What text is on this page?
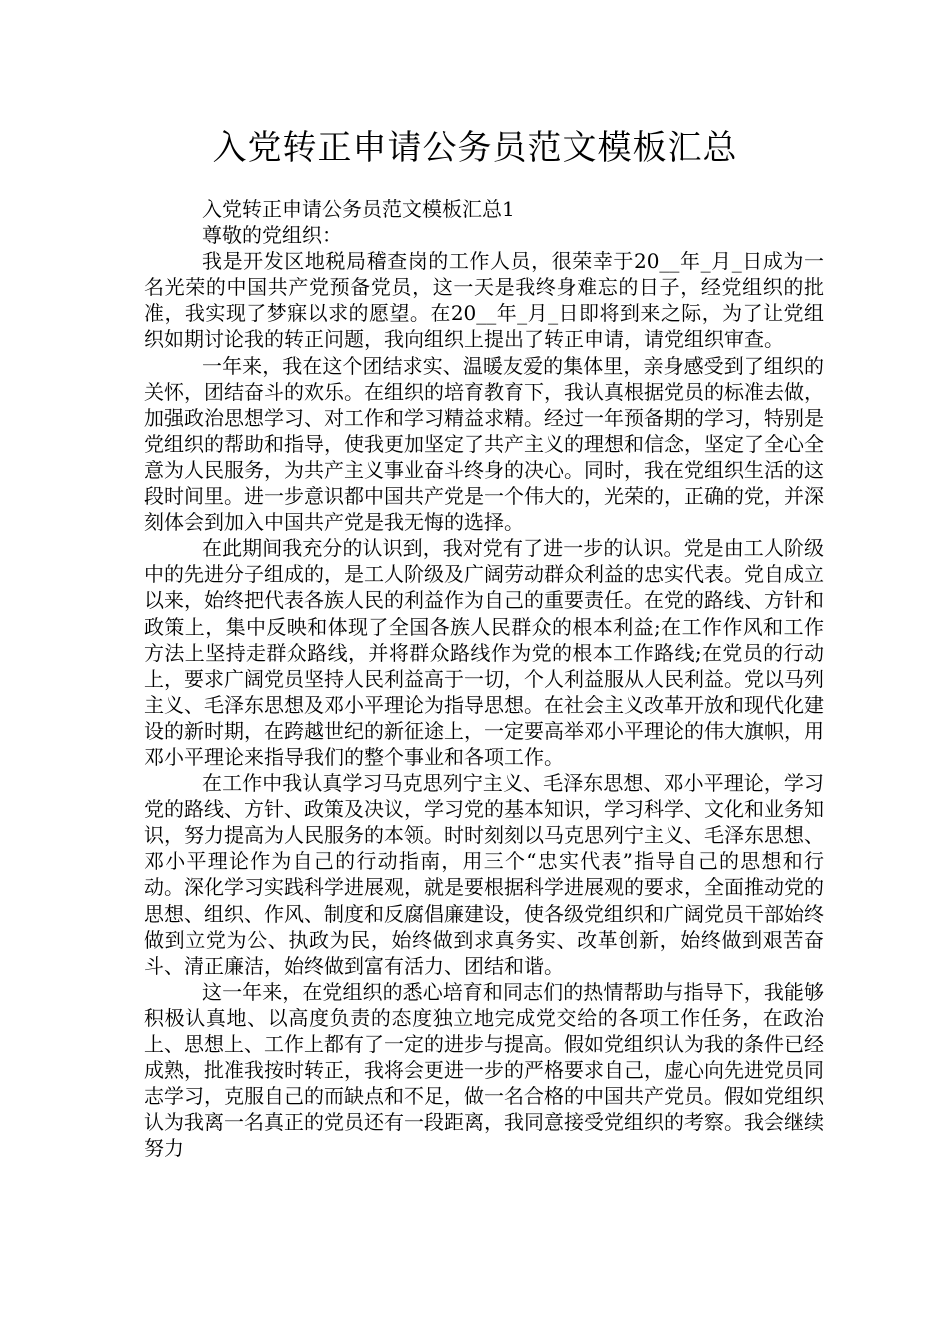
入党转正申请公务员范文模板汇总

入党转正申请公务员范文模板汇总1

尊敬的党组织：

我是开发区地税局稽查岗的工作人员，很荣幸于20__年_月_日成为一名光荣的中国共产党预备党员，这一天是我终身难忘的日子，经党组织的批准，我实现了梦寐以求的愿望。在20__年_月_日即将到来之际，为了让党组织如期讨论我的转正问题，我向组织上提出了转正申请，请党组织审查。

一年来，我在这个团结求实、温暖友爱的集体里，亲身感受到了组织的关怀，团结奋斗的欢乐。在组织的培育教育下，我认真根据党员的标准去做，加强政治思想学习、对工作和学习精益求精。经过一年预备期的学习，特别是党组织的帮助和指导，使我更加坚定了共产主义的理想和信念，坚定了全心全意为人民服务，为共产主义事业奋斗终身的决心。同时，我在党组织生活的这段时间里。进一步意识都中国共产党是一个伟大的，光荣的，正确的党，并深刻体会到加入中国共产党是我无悔的选择。

在此期间我充分的认识到，我对党有了进一步的认识。党是由工人阶级中的先进分子组成的，是工人阶级及广阔劳动群众利益的忠实代表。党自成立以来，始终把代表各族人民的利益作为自己的重要责任。在党的路线、方针和政策上，集中反映和体现了全国各族人民群众的根本利益;在工作作风和工作方法上坚持走群众路线，并将群众路线作为党的根本工作路线;在党员的行动上，要求广阔党员坚持人民利益高于一切，个人利益服从人民利益。党以马列主义、毛泽东思想及邓小平理论为指导思想。在社会主义改革开放和现代化建设的新时期，在跨越世纪的新征途上，一定要高举邓小平理论的伟大旗帜，用邓小平理论来指导我们的整个事业和各项工作。

在工作中我认真学习马克思列宁主义、毛泽东思想、邓小平理论，学习党的路线、方针、政策及决议，学习党的基本知识，学习科学、文化和业务知识，努力提高为人民服务的本领。时时刻刻以马克思列宁主义、毛泽东思想、邓小平理论作为自己的行动指南，用三个“忠实代表”指导自己的思想和行动。深化学习实践科学进展观，就是要根据科学进展观的要求，全面推动党的思想、组织、作风、制度和反腐倡廉建设，使各级党组织和广阔党员干部始终做到立党为公、执政为民，始终做到求真务实、改革创新，始终做到艰苦奋斗、清正廉洁，始终做到富有活力、团结和谐。

这一年来，在党组织的悉心培育和同志们的热情帮助与指导下，我能够积极认真地、以高度负责的态度独立地完成党交给的各项工作任务，在政治上、思想上、工作上都有了一定的进步与提高。假如党组织认为我的条件已经成熟，批准我按时转正，我将会更进一步的严格要求自己，虚心向先进党员同志学习，克服自己的而缺点和不足，做一名合格的中国共产党员。假如党组织认为我离一名真正的党员还有一段距离，我同意接受党组织的考察。我会继续努力
